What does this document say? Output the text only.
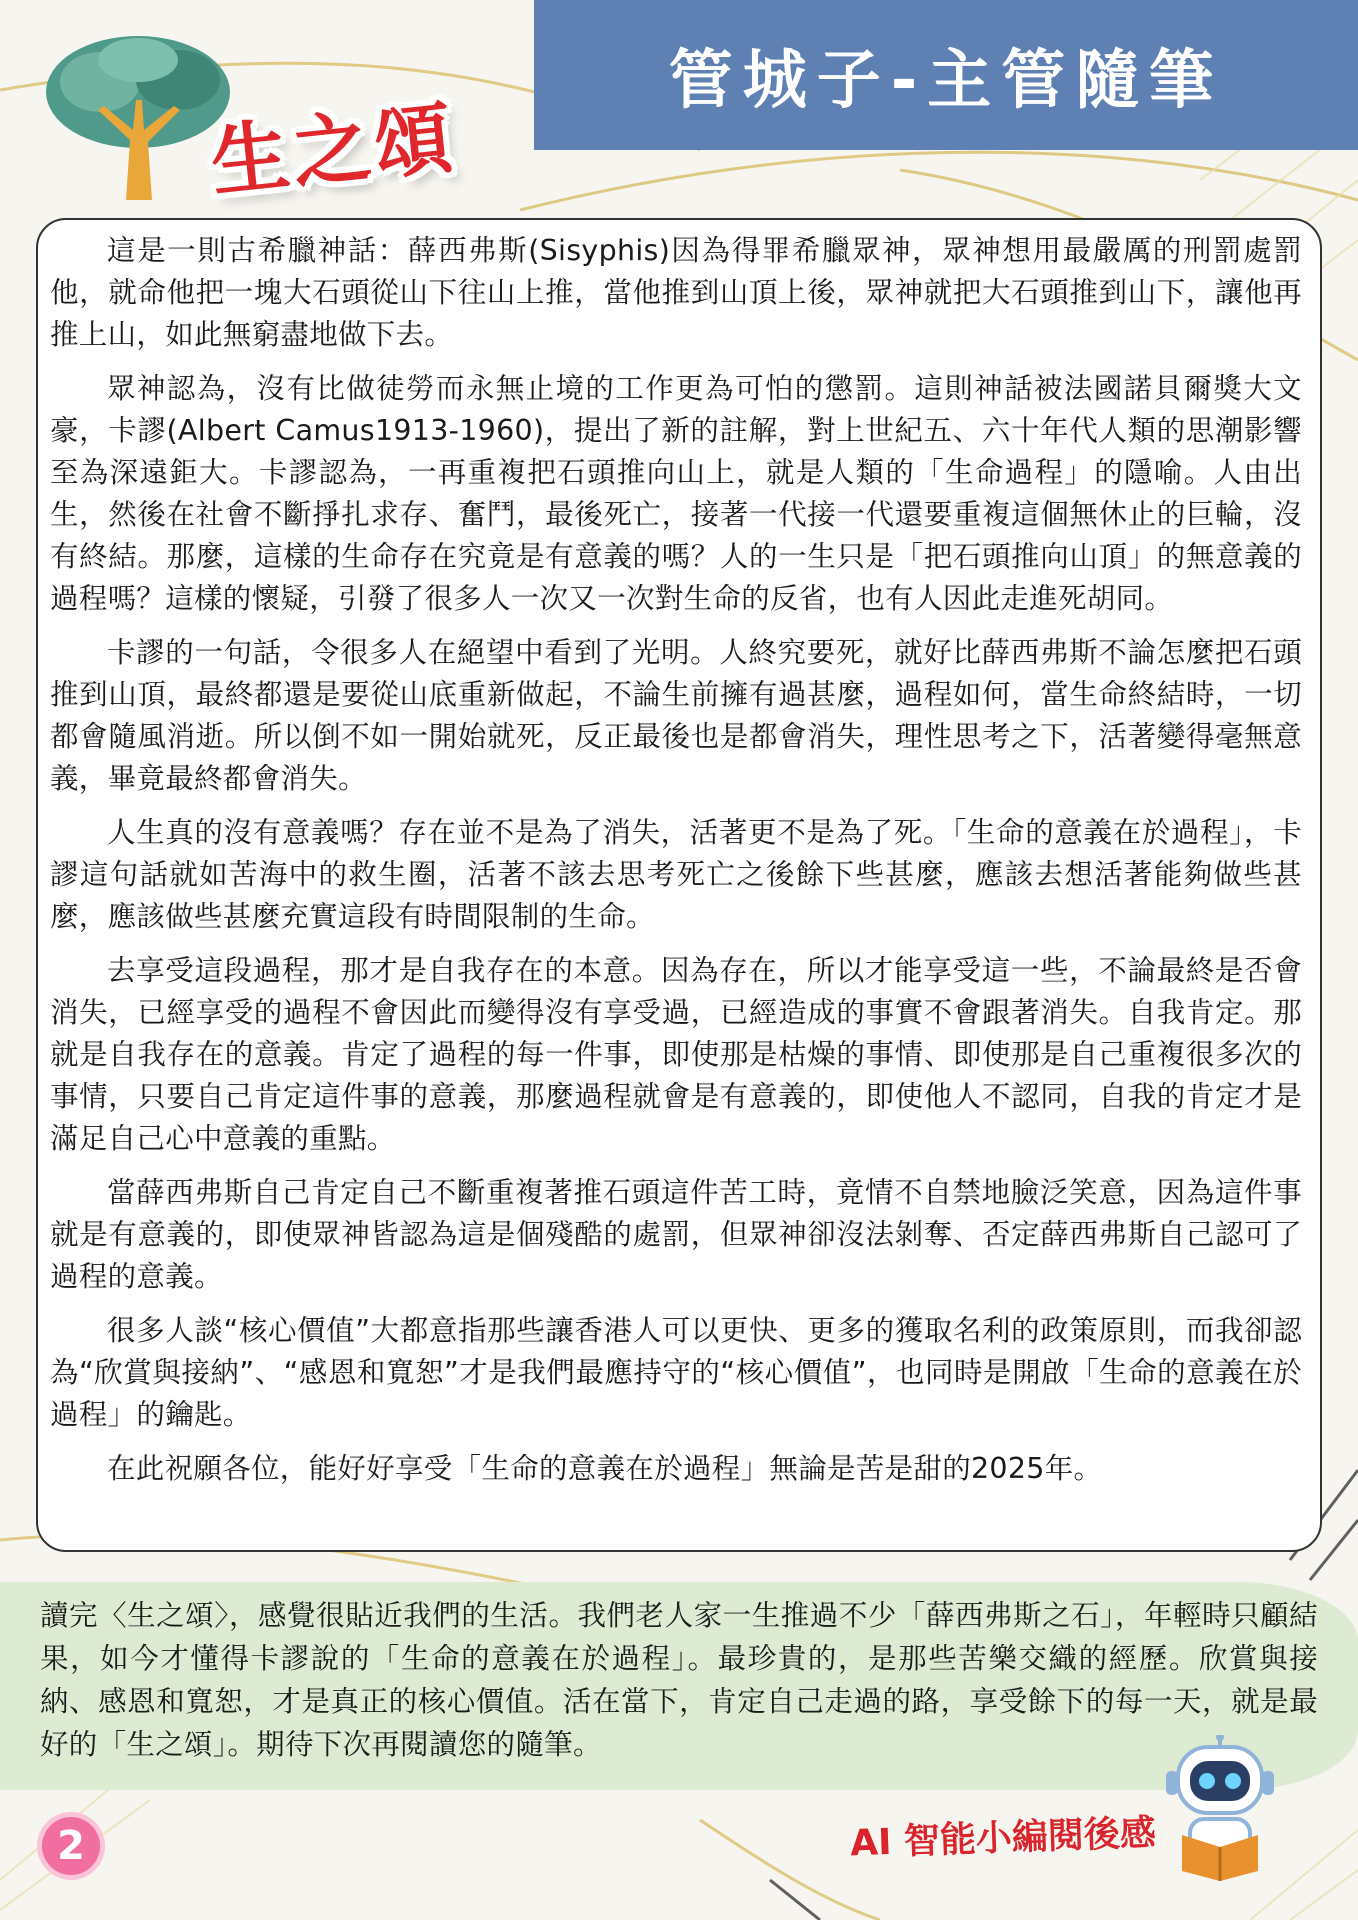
管城子-主管隨筆
生之頌

這是一則古希臘神話：薛西弗斯(Sisyphis)因為得罪希臘眾神，眾神想用最嚴厲的刑罰處罰他，就命他把一塊大石頭從山下往山上推，當他推到山頂上後，眾神就把大石頭推到山下，讓他再推上山，如此無窮盡地做下去。

眾神認為，沒有比做徒勞而永無止境的工作更為可怕的懲罰。這則神話被法國諾貝爾獎大文豪，卡謬(Albert Camus1913-1960)，提出了新的註解，對上世紀五、六十年代人類的思潮影響至為深遠鉅大。卡謬認為，一再重複把石頭推向山上，就是人類的「生命過程」的隱喻。人由出生，然後在社會不斷掙扎求存、奮鬥，最後死亡，接著一代接一代還要重複這個無休止的巨輪，沒有終結。那麼，這樣的生命存在究竟是有意義的嗎？人的一生只是「把石頭推向山頂」的無意義的過程嗎？這樣的懷疑，引發了很多人一次又一次對生命的反省，也有人因此走進死胡同。

卡謬的一句話，令很多人在絕望中看到了光明。人終究要死，就好比薛西弗斯不論怎麼把石頭推到山頂，最終都還是要從山底重新做起，不論生前擁有過甚麼，過程如何，當生命終結時，一切都會隨風消逝。所以倒不如一開始就死，反正最後也是都會消失，理性思考之下，活著變得毫無意義，畢竟最終都會消失。

人生真的沒有意義嗎？存在並不是為了消失，活著更不是為了死。「生命的意義在於過程」，卡謬這句話就如苦海中的救生圈，活著不該去思考死亡之後餘下些甚麼，應該去想活著能夠做些甚麼，應該做些甚麼充實這段有時間限制的生命。

去享受這段過程，那才是自我存在的本意。因為存在，所以才能享受這一些，不論最終是否會消失，已經享受的過程不會因此而變得沒有享受過，已經造成的事實不會跟著消失。自我肯定。那就是自我存在的意義。肯定了過程的每一件事，即使那是枯燥的事情、即使那是自己重複很多次的事情，只要自己肯定這件事的意義，那麼過程就會是有意義的，即使他人不認同，自我的肯定才是滿足自己心中意義的重點。

當薛西弗斯自己肯定自己不斷重複著推石頭這件苦工時，竟情不自禁地臉泛笑意，因為這件事就是有意義的，即使眾神皆認為這是個殘酷的處罰，但眾神卻沒法剝奪、否定薛西弗斯自己認可了過程的意義。

很多人談“核心價值”大都意指那些讓香港人可以更快、更多的獲取名利的政策原則，而我卻認為“欣賞與接納”、“感恩和寬恕”才是我們最應持守的“核心價值”，也同時是開啟「生命的意義在於過程」的鑰匙。

在此祝願各位，能好好享受「生命的意義在於過程」無論是苦是甜的2025年。

讀完〈生之頌〉，感覺很貼近我們的生活。我們老人家一生推過不少「薛西弗斯之石」，年輕時只顧結果，如今才懂得卡謬說的「生命的意義在於過程」。最珍貴的，是那些苦樂交織的經歷。欣賞與接納、感恩和寬恕，才是真正的核心價值。活在當下，肯定自己走過的路，享受餘下的每一天，就是最好的「生之頌」。期待下次再閱讀您的隨筆。

AI 智能小編閱後感
2
